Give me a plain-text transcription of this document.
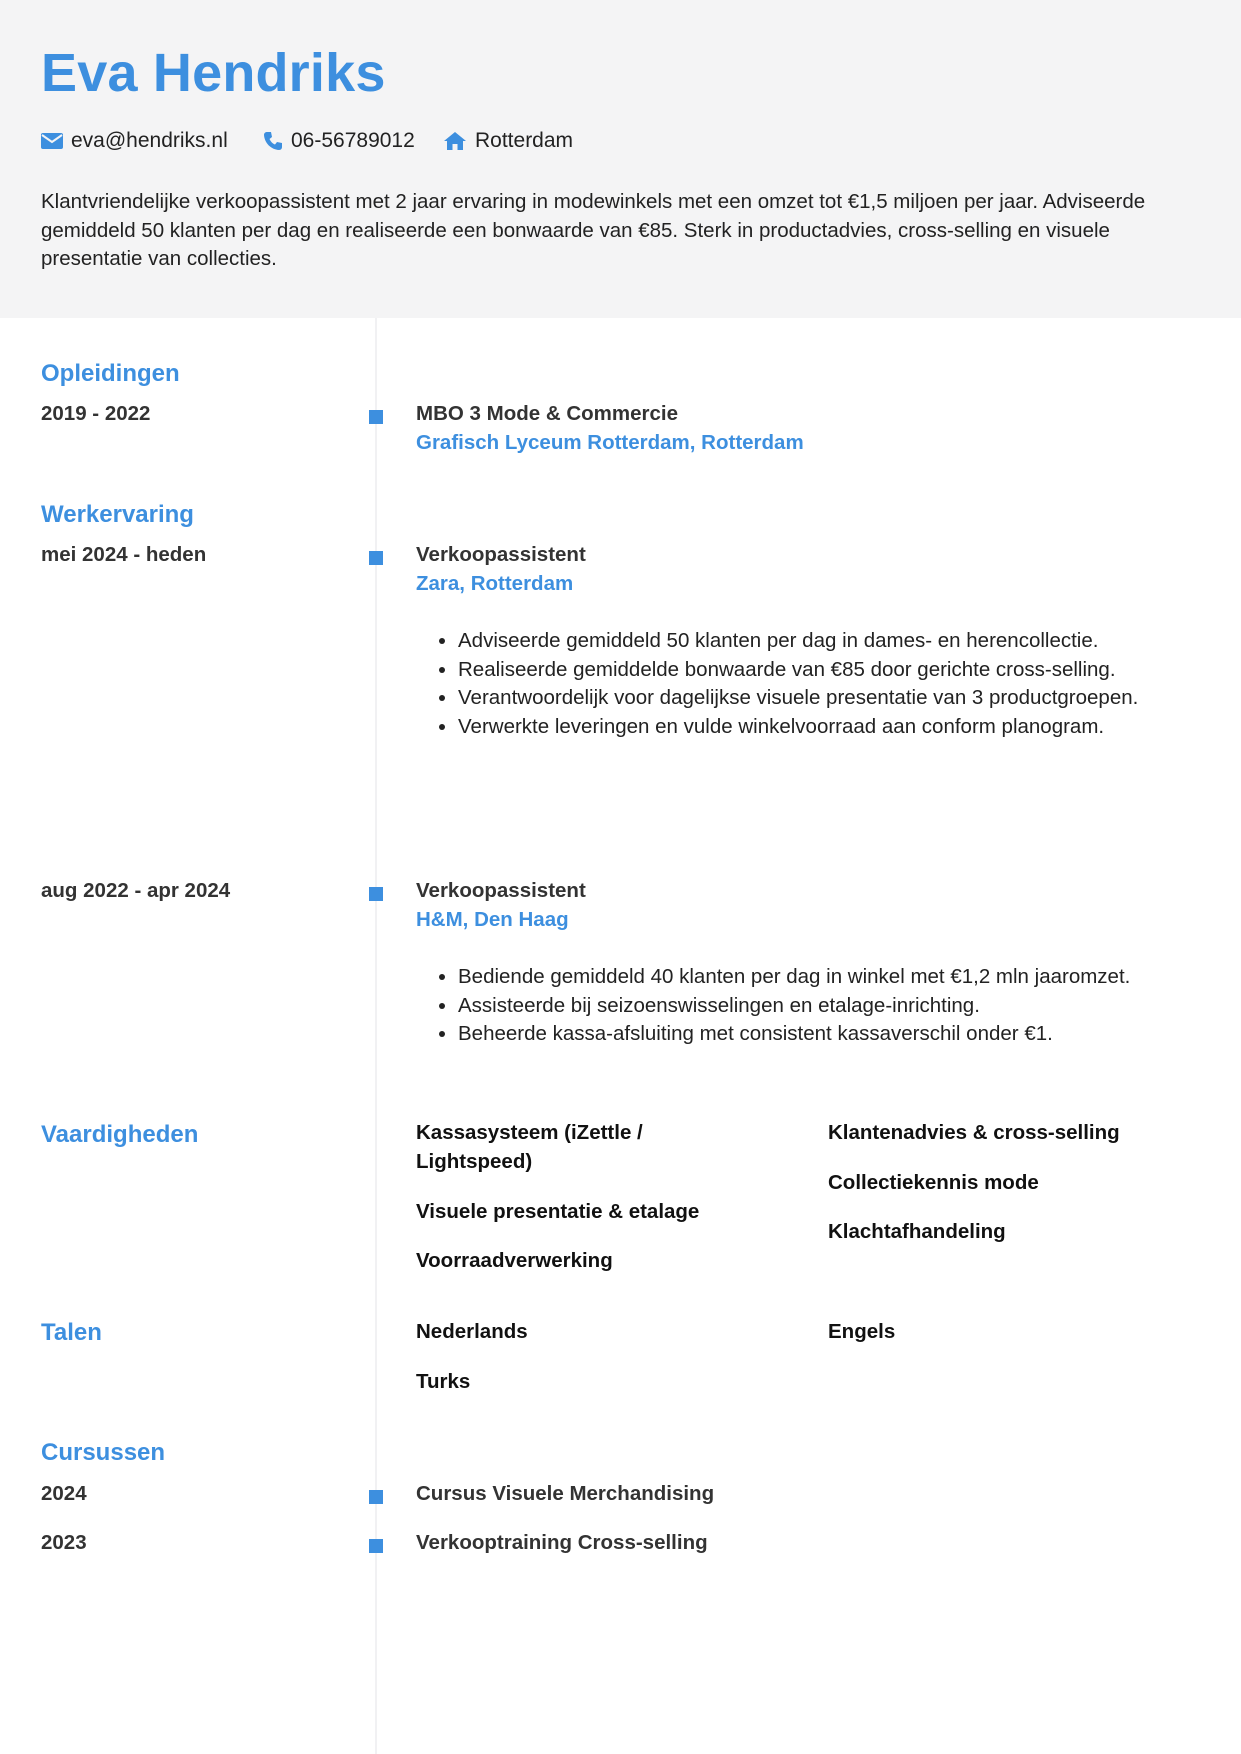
Eva Hendriks
eva@hendriks.nl	06-56789012	Rotterdam

Klantvriendelijke verkoopassistent met 2 jaar ervaring in modewinkels met een omzet tot €1,5 miljoen per jaar. Adviseerde gemiddeld 50 klanten per dag en realiseerde een bonwaarde van €85. Sterk in productadvies, cross-selling en visuele presentatie van collecties.

Opleidingen
2019 - 2022	MBO 3 Mode & Commercie
Grafisch Lyceum Rotterdam, Rotterdam
Werkervaring
mei 2024 - heden	Verkoopassistent
Zara, Rotterdam
• Adviseerde gemiddeld 50 klanten per dag in dames- en herencollectie.
• Realiseerde gemiddelde bonwaarde van €85 door gerichte cross-selling.
• Verantwoordelijk voor dagelijkse visuele presentatie van 3 productgroepen.
• Verwerkte leveringen en vulde winkelvoorraad aan conform planogram.
aug 2022 - apr 2024	Verkoopassistent
H&M, Den Haag
• Bediende gemiddeld 40 klanten per dag in winkel met €1,2 mln jaaromzet.
• Assisteerde bij seizoenswisselingen en etalage-inrichting.
• Beheerde kassa-afsluiting met consistent kassaverschil onder €1.
Vaardigheden	Kassasysteem (iZettle / Lightspeed)
Klantenadvies & cross-selling
Visuele presentatie & etalage
Collectiekennis mode
Voorraadverwerking
Klachtafhandeling
Talen	Nederlands	Engels
Turks
Cursussen
2024	Cursus Visuele Merchandising
2023	Verkooptraining Cross-selling
